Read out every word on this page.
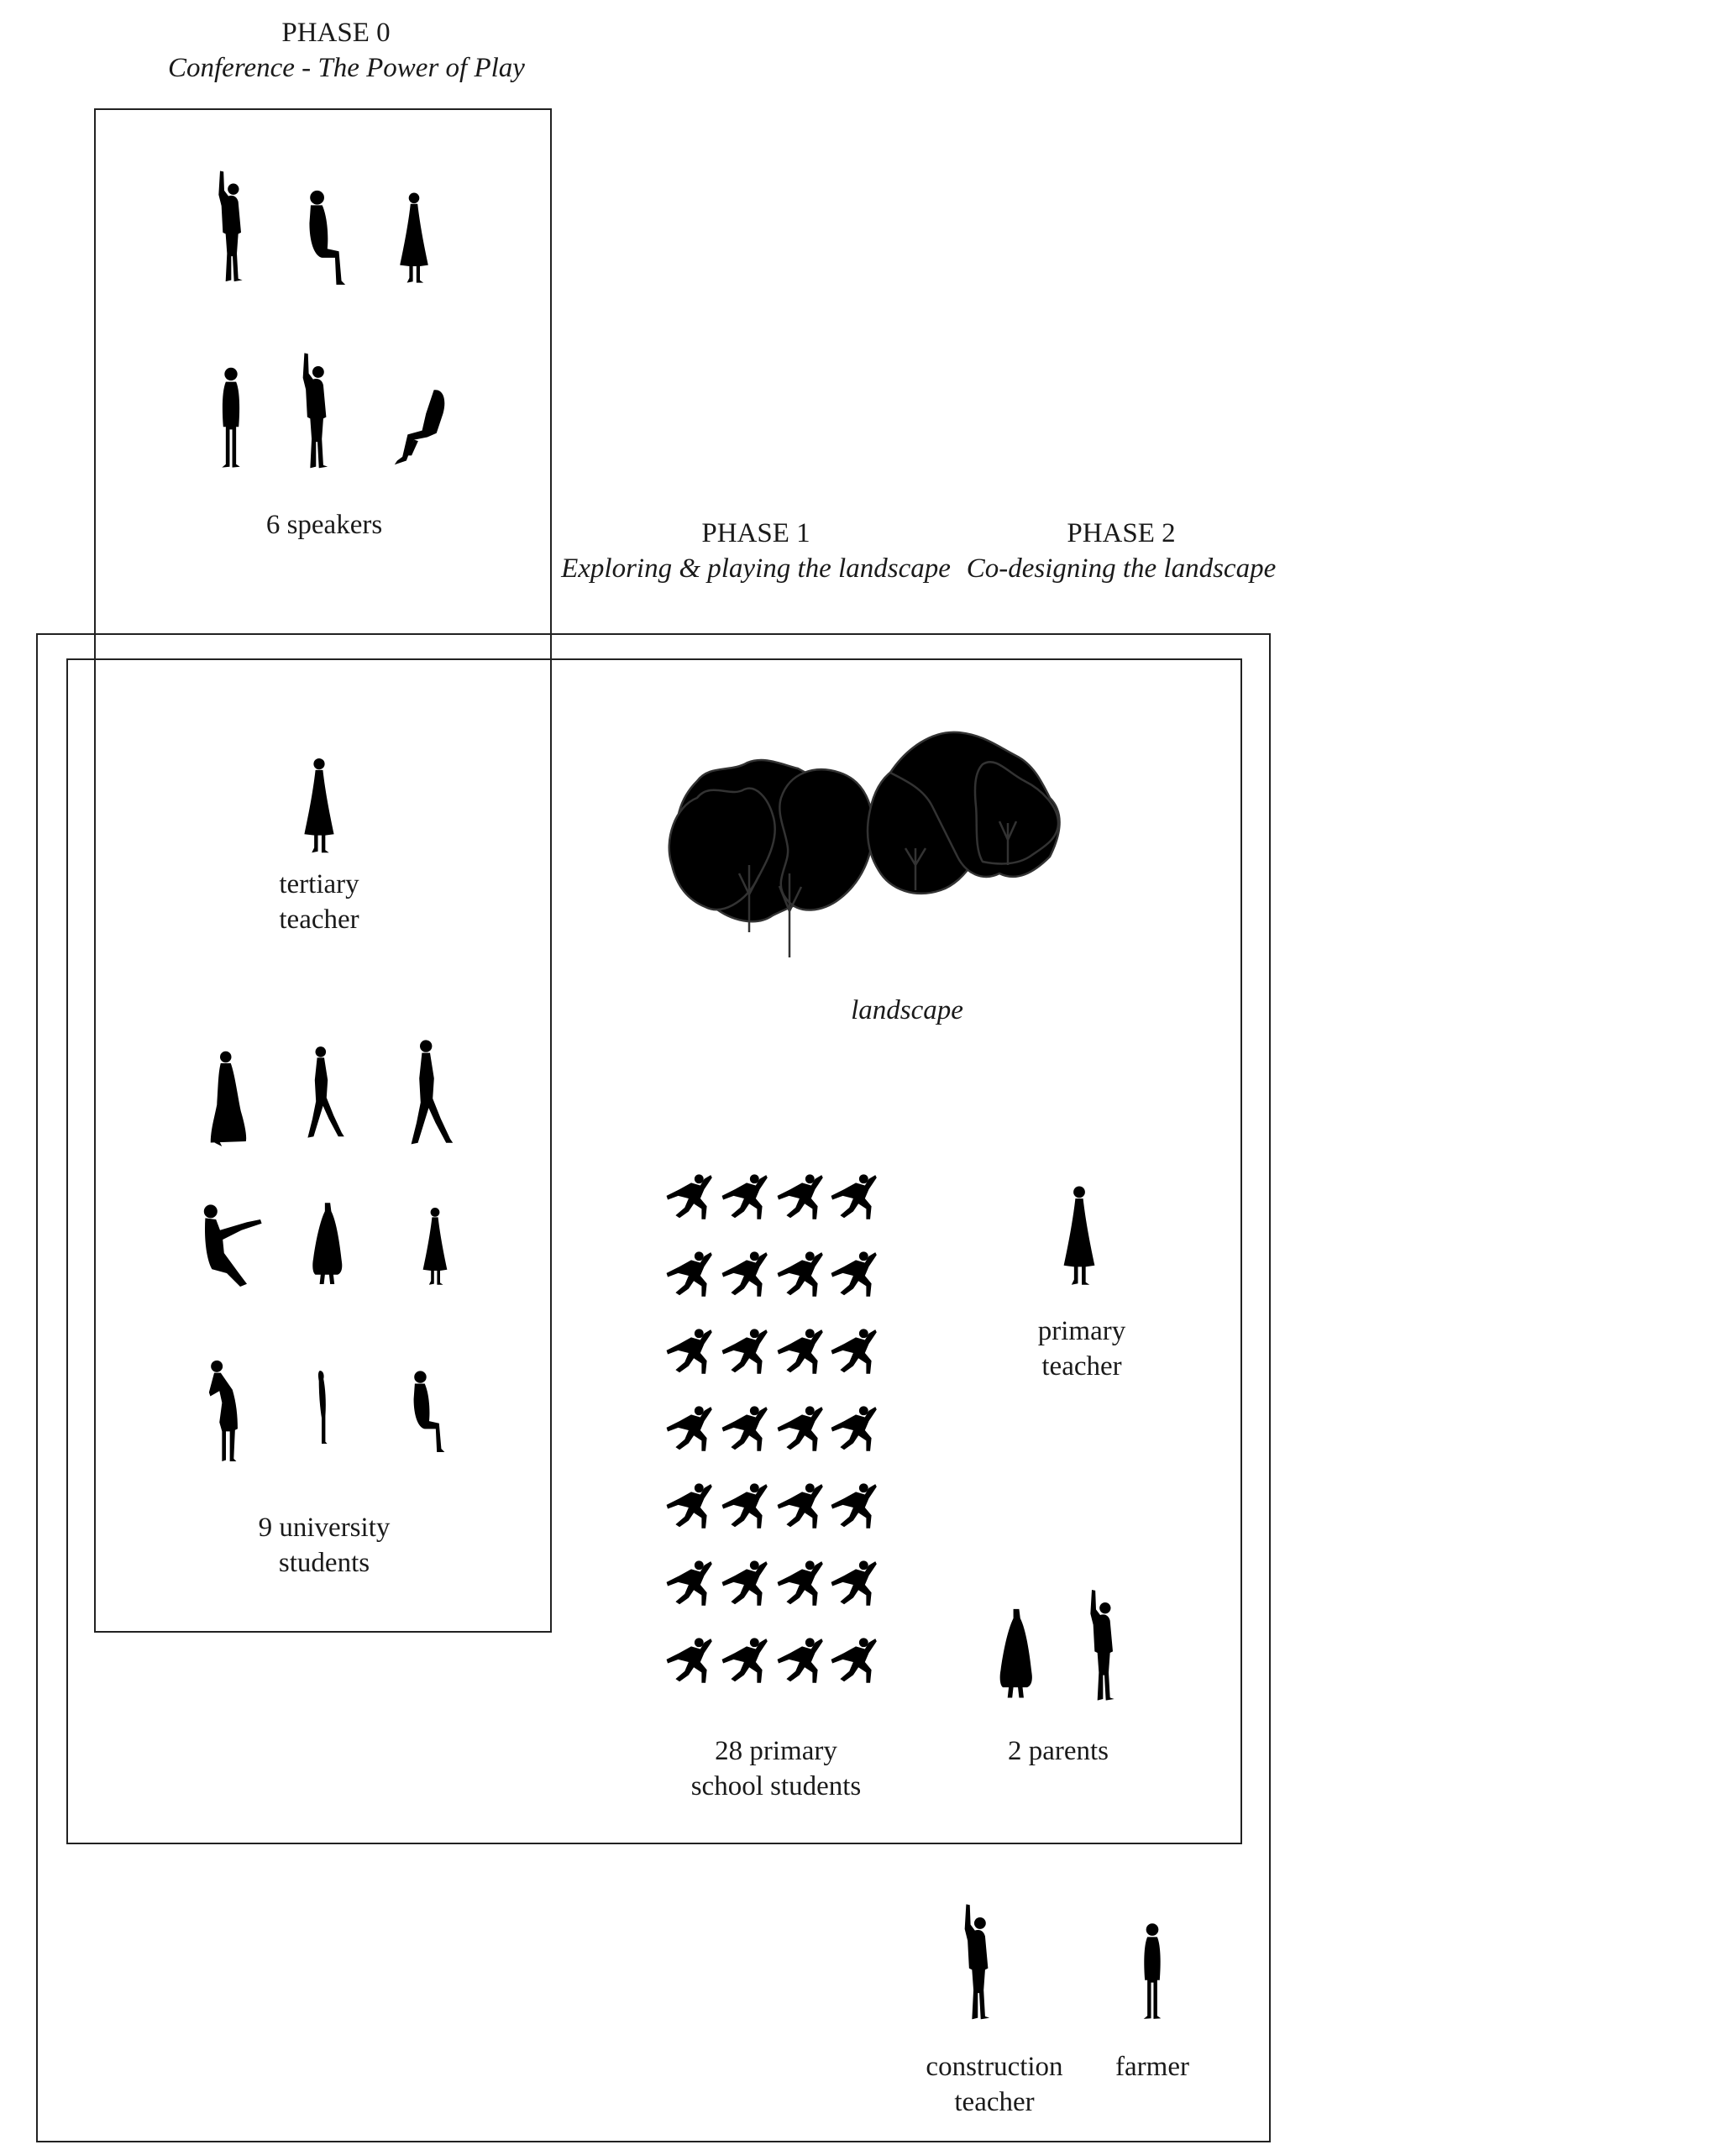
PHASE 0
Conference - The Power of Play
PHASE 1
Exploring & playing the landscape
PHASE 2
Co-designing the landscape
6 speakers
tertiary
teacher
9 university
students
landscape
28 primary
school students
primary
teacher
2 parents
construction
teacher
farmer
